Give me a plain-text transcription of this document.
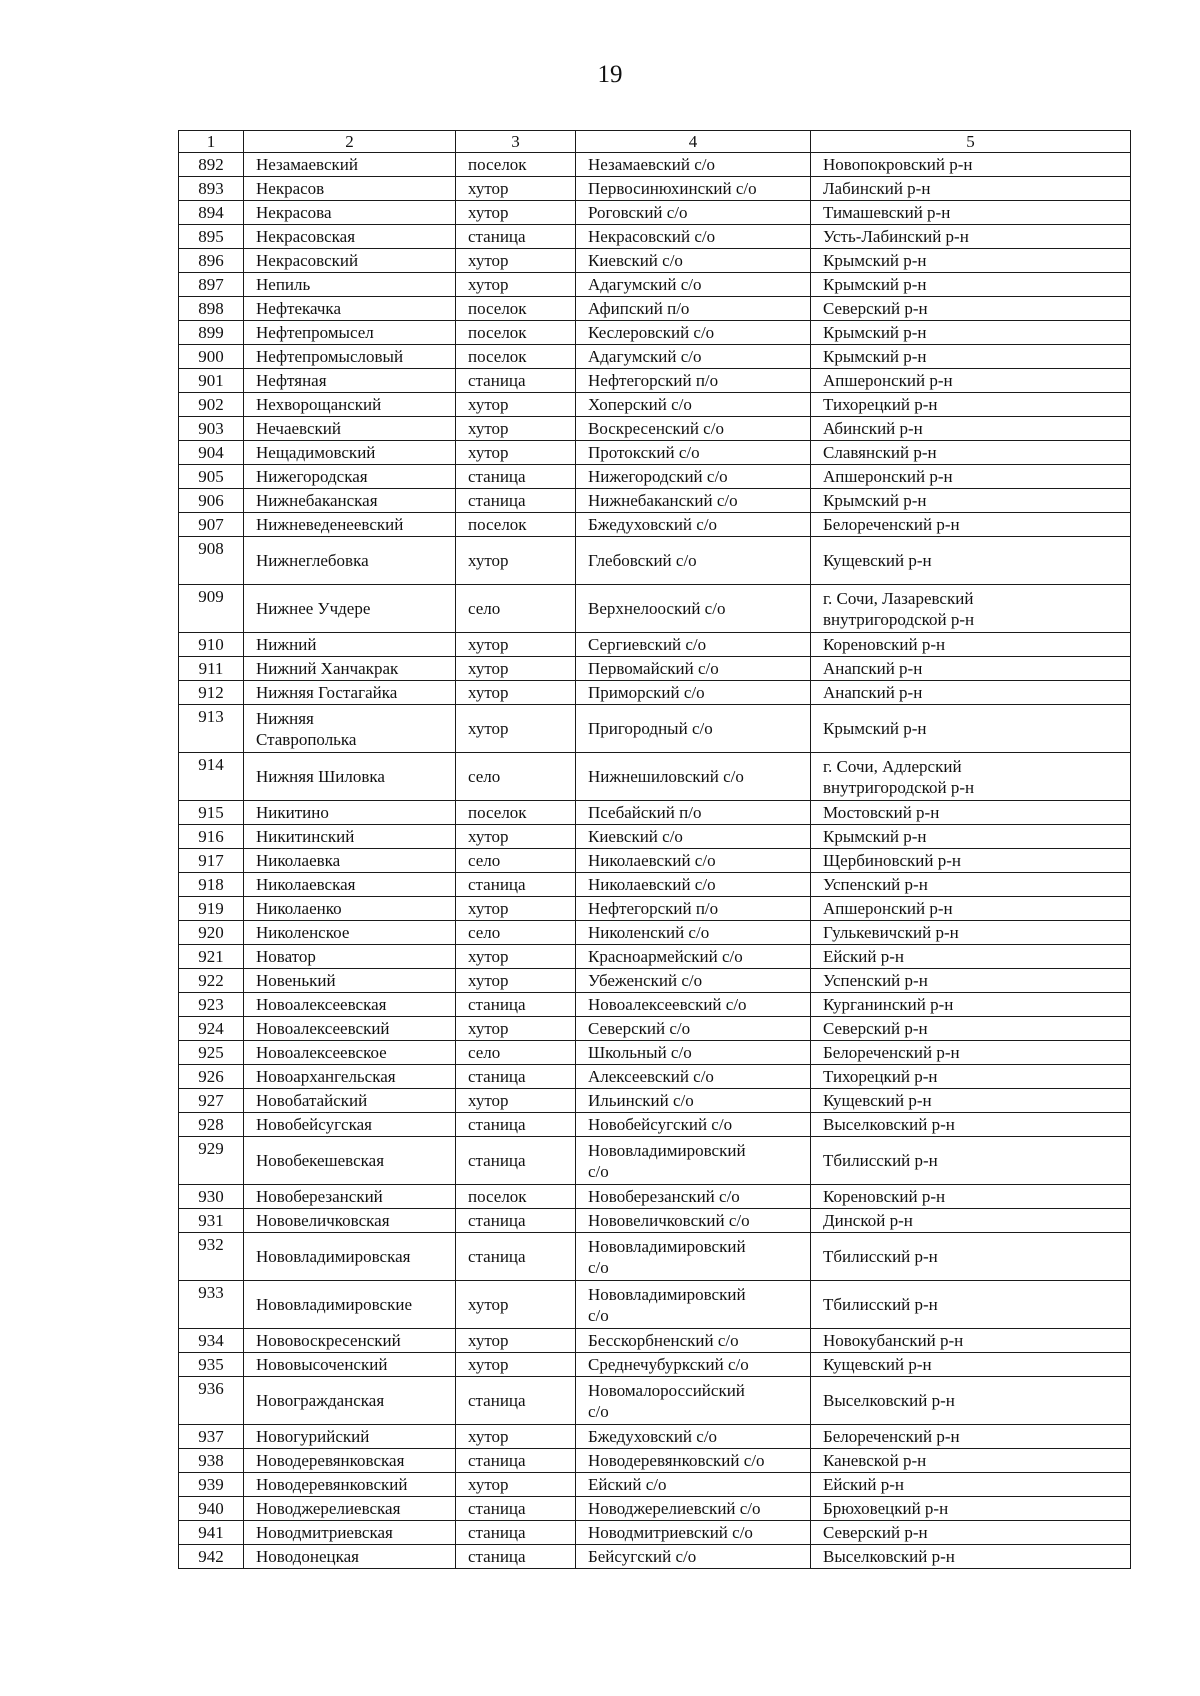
19
1	2	3	4	5
892	Незамаевский	поселок	Незамаевский с/о	Новопокровский р-н
893	Некрасов	хутор	Первосинюхинский с/о	Лабинский р-н
894	Некрасова	хутор	Роговский с/о	Тимашевский р-н
895	Некрасовская	станица	Некрасовский с/о	Усть-Лабинский р-н
896	Некрасовский	хутор	Киевский с/о	Крымский р-н
897	Непиль	хутор	Адагумский с/о	Крымский р-н
898	Нефтекачка	поселок	Афипский п/о	Северский р-н
899	Нефтепромысел	поселок	Кеслеровский с/о	Крымский р-н
900	Нефтепромысловый	поселок	Адагумский с/о	Крымский р-н
901	Нефтяная	станица	Нефтегорский п/о	Апшеронский р-н
902	Нехворощанский	хутор	Хоперский с/о	Тихорецкий р-н
903	Нечаевский	хутор	Воскресенский с/о	Абинский р-н
904	Нещадимовский	хутор	Протокский с/о	Славянский р-н
905	Нижегородская	станица	Нижегородский с/о	Апшеронский р-н
906	Нижнебаканская	станица	Нижнебаканский с/о	Крымский р-н
907	Нижневеденеевский	поселок	Бжедуховский с/о	Белореченский р-н
908	Нижнеглебовка	хутор	Глебовский с/о	Кущевский р-н
909	Нижнее Учдере	село	Верхнелооский с/о	г. Сочи, Лазаревский
внутригородской р-н
910	Нижний	хутор	Сергиевский с/о	Кореновский р-н
911	Нижний Ханчакрак	хутор	Первомайский с/о	Анапский р-н
912	Нижняя Гостагайка	хутор	Приморский с/о	Анапский р-н
913	Нижняя
Ставрополька	хутор	Пригородный с/о	Крымский р-н
914	Нижняя Шиловка	село	Нижнешиловский с/о	г. Сочи, Адлерский
внутригородской р-н
915	Никитино	поселок	Псебайский п/о	Мостовский р-н
916	Никитинский	хутор	Киевский с/о	Крымский р-н
917	Николаевка	село	Николаевский с/о	Щербиновский р-н
918	Николаевская	станица	Николаевский с/о	Успенский р-н
919	Николаенко	хутор	Нефтегорский п/о	Апшеронский р-н
920	Николенское	село	Николенский с/о	Гулькевичский р-н
921	Новатор	хутор	Красноармейский с/о	Ейский р-н
922	Новенький	хутор	Убеженский с/о	Успенский р-н
923	Новоалексеевская	станица	Новоалексеевский с/о	Курганинский р-н
924	Новоалексеевский	хутор	Северский с/о	Северский р-н
925	Новоалексеевское	село	Школьный с/о	Белореченский р-н
926	Новоархангельская	станица	Алексеевский с/о	Тихорецкий р-н
927	Новобатайский	хутор	Ильинский с/о	Кущевский р-н
928	Новобейсугская	станица	Новобейсугский с/о	Выселковский р-н
929	Новобекешевская	станица	Нововладимировский
с/о	Тбилисский р-н
930	Новоберезанский	поселок	Новоберезанский с/о	Кореновский р-н
931	Нововеличковская	станица	Нововеличковский с/о	Динской р-н
932	Нововладимировская	станица	Нововладимировский
с/о	Тбилисский р-н
933	Нововладимировские	хутор	Нововладимировский
с/о	Тбилисский р-н
934	Нововоскресенский	хутор	Бесскорбненский с/о	Новокубанский р-н
935	Нововысоченский	хутор	Среднечубуркский с/о	Кущевский р-н
936	Новогражданская	станица	Новомалороссийский
с/о	Выселковский р-н
937	Новогурийский	хутор	Бжедуховский с/о	Белореченский р-н
938	Новодеревянковская	станица	Новодеревянковский с/о	Каневской р-н
939	Новодеревянковский	хутор	Ейский с/о	Ейский р-н
940	Новоджерелиевская	станица	Новоджерелиевский с/о	Брюховецкий р-н
941	Новодмитриевская	станица	Новодмитриевский с/о	Северский р-н
942	Новодонецкая	станица	Бейсугский с/о	Выселковский р-н
